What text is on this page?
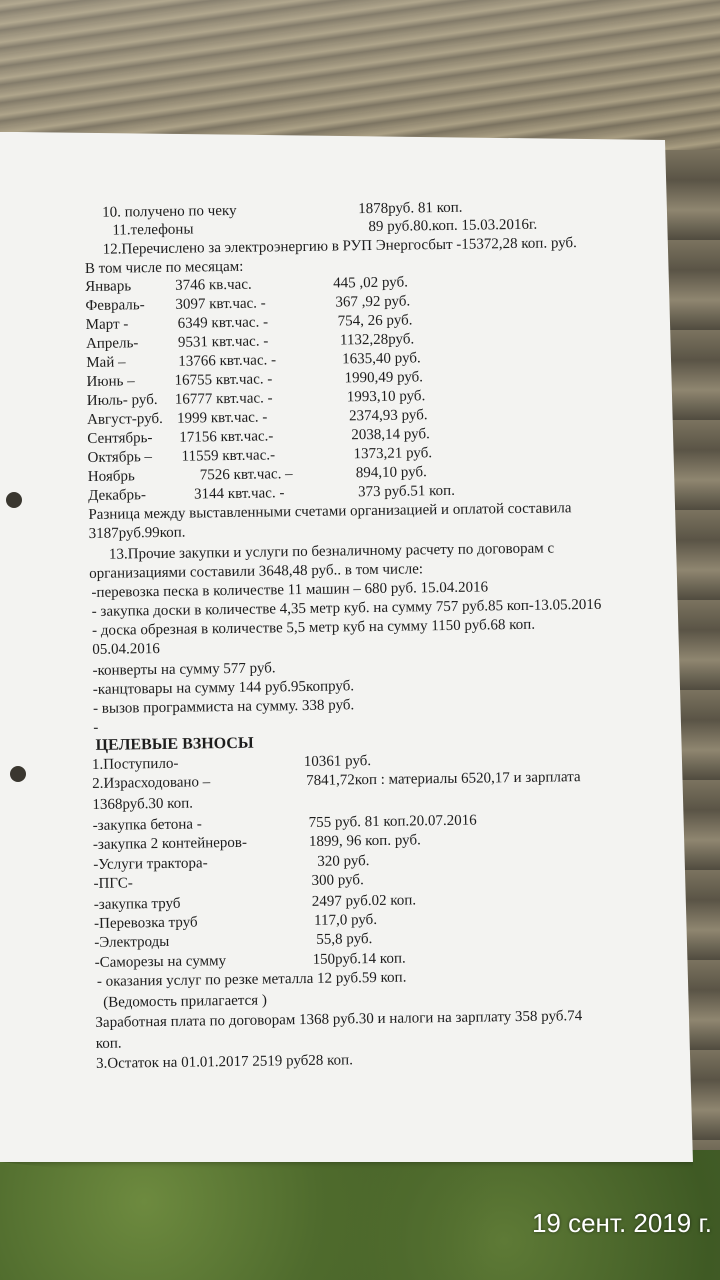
10. получено по чеку	1878руб. 81 коп.
11.телефоны	89 руб.80.коп. 15.03.2016г.
12.Перечислено за электроэнергию в РУП Энергосбыт -15372,28 коп. руб.
В том числе по месяцам:
Январь	3746 кв.час.	445 ,02 руб.
Февраль- 3097 квт.час. -	367 ,92 руб.
Март -	6349 квт.час. -	754, 26 руб.
Апрель-	9531 квт.час. -	1132,28руб.
Май –	13766 квт.час. -	1635,40 руб.
Июнь –	16755 квт.час. -	1990,49 руб.
Июль- руб. 16777 квт.час. -	1993,10 руб.
Август-руб. 1999 квт.час. -	2374,93 руб.
Сентябрь- 17156 квт.час.-	2038,14 руб.
Октябрь – 11559 квт.час.-	1373,21 руб.
Ноябрь	7526 квт.час. –	894,10 руб.
Декабрь-	3144 квт.час. -	373 руб.51 коп.
Разница между выставленными счетами организацией и оплатой составила
3187руб.99коп.
13.Прочие закупки и услуги по безналичному расчету по договорам с
организациями составили 3648,48 руб.. в том числе:
-перевозка песка в количестве 11 машин – 680 руб. 15.04.2016
- закупка доски в количестве 4,35 метр куб. на сумму 757 руб.85 коп-13.05.2016
- доска обрезная в количестве 5,5 метр куб на сумму 1150 руб.68 коп.
05.04.2016
-конверты на сумму 577 руб.
-канцтовары на сумму 144 руб.95копруб.
- вызов программиста на сумму. 338 руб.
-
ЦЕЛЕВЫЕ ВЗНОСЫ
1.Поступило-	10361 руб.
2.Израсходовано –	7841,72коп : материалы 6520,17 и зарплата
1368руб.30 коп.
-закупка бетона -	755 руб. 81 коп.20.07.2016
-закупка 2 контейнеров-	1899, 96 коп. руб.
-Услуги трактора-	320 руб.
-ПГС-	300 руб.
-закупка труб	2497 руб.02 коп.
-Перевозка труб	117,0 руб.
-Электроды	55,8 руб.
-Саморезы на сумму	150руб.14 коп.
- оказания услуг по резке металла 12 руб.59 коп.
(Ведомость прилагается )
Заработная плата по договорам 1368 руб.30 и налоги на зарплату 358 руб.74
коп.
3.Остаток на 01.01.2017 2519 руб28 коп.
19 сент. 2019 г.
